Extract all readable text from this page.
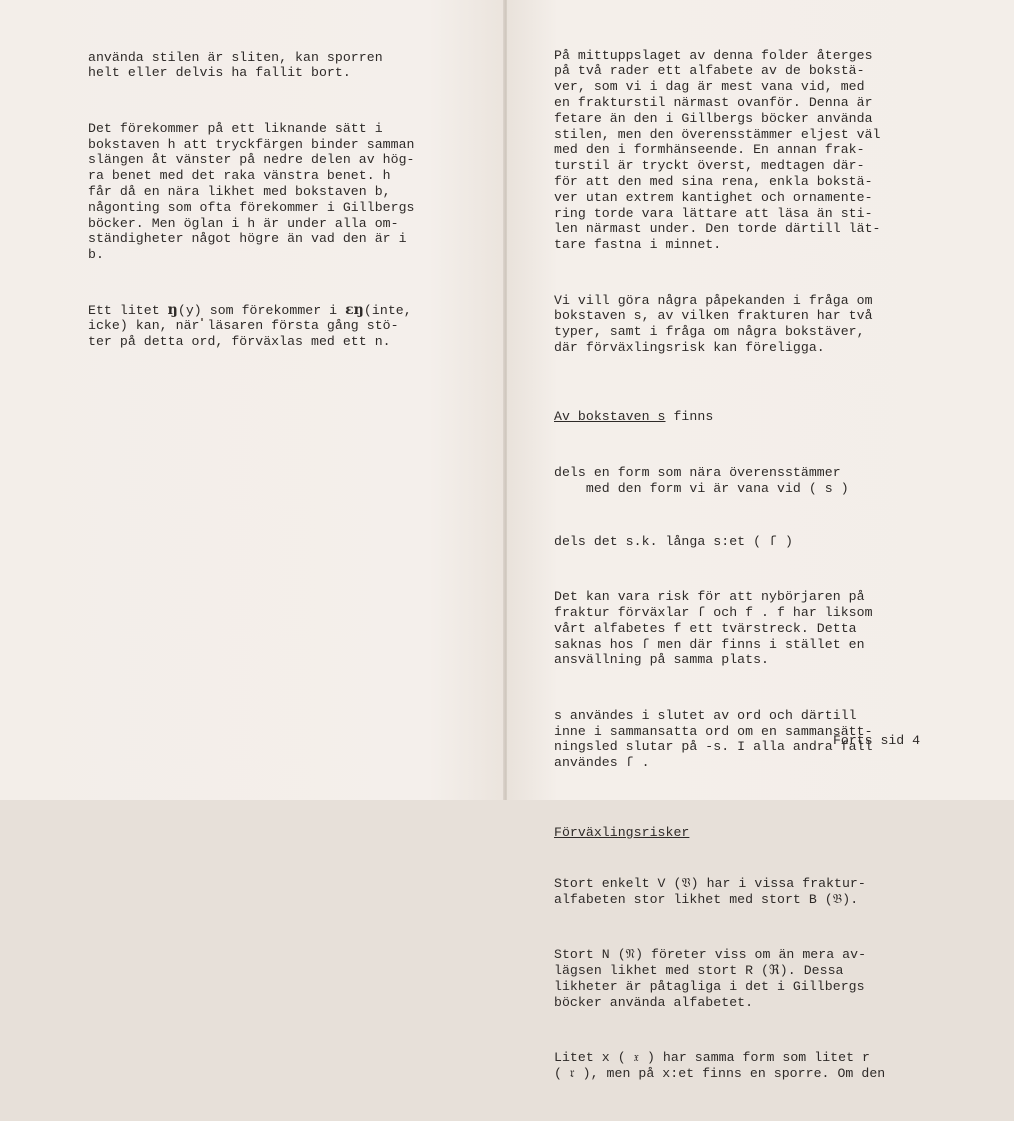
använda stilen är sliten, kan sporren
helt eller delvis ha fallit bort.

Det förekommer på ett liknande sätt i
bokstaven h att tryckfärgen binder samman
slängen åt vänster på nedre delen av hög-
ra benet med det raka vänstra benet. h
får då en nära likhet med bokstaven b,
någonting som ofta förekommer i Gillbergs
böcker. Men öglan i h är under alla om-
ständigheter något högre än vad den är i
b.

Ett litet ŋ(y) som förekommer i ɛŋ(inte,
icke) kan, när läsaren första gång stö-
ter på detta ord, förväxlas med ett n.

På mittuppslaget av denna folder återges
på två rader ett alfabete av de bokstä-
ver, som vi i dag är mest vana vid, med
en frakturstil närmast ovanför. Denna är
fetare än den i Gillbergs böcker använda
stilen, men den överensstämmer eljest väl
med den i formhänseende. En annan frak-
turstil är tryckt överst, medtagen där-
för att den med sina rena, enkla bokstä-
ver utan extrem kantighet och ornamente-
ring torde vara lättare att läsa än sti-
len närmast under. Den torde därtill lät-
tare fastna i minnet.

Vi vill göra några påpekanden i fråga om
bokstaven s, av vilken frakturen har två
typer, samt i fråga om några bokstäver,
där förväxlingsrisk kan föreligga.

Av bokstaven s finns

dels en form som nära överensstämmer
med den form vi är vana vid ( s )

dels det s.k. långa s:et ( ſ )

Det kan vara risk för att nybörjaren på
fraktur förväxlar ſ och f . f har liksom
vårt alfabetes f ett tvärstreck. Detta
saknas hos ſ men där finns i stället en
ansvällning på samma plats.

s användes i slutet av ord och därtill
inne i sammansatta ord om en sammansätt-
ningsled slutar på -s. I alla andra fall
användes ſ .

Förväxlingsrisker

Stort enkelt V (𝔙) har i vissa fraktur-
alfabeten stor likhet med stort B (𝔅).

Stort N (𝔑) företer viss om än mera av-
lägsen likhet med stort R (ℜ). Dessa
likheter är påtagliga i det i Gillbergs
böcker använda alfabetet.

Litet x ( 𝔵 ) har samma form som litet r
( 𝔯 ), men på x:et finns en sporre. Om den

Forts sid 4
